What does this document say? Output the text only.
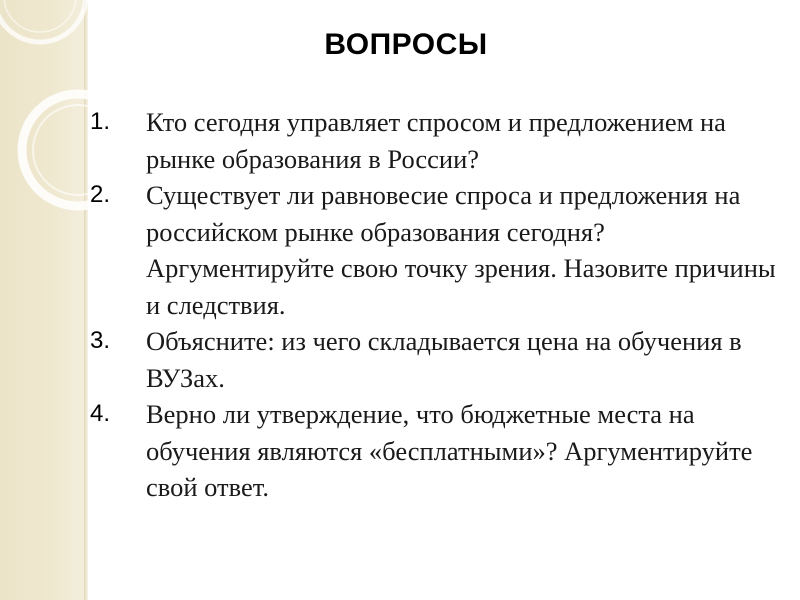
ВОПРОСЫ
1.	Кто сегодня управляет спросом и предложением на рынке образования в России?
2.	Существует ли равновесие спроса и предложения на российском рынке образования сегодня? Аргументируйте свою точку зрения. Назовите причины и следствия.
3.	Объясните: из чего складывается цена на обучения в ВУЗах.
4.	Верно ли утверждение, что бюджетные места на обучения являются «бесплатными»? Аргументируйте свой ответ.
